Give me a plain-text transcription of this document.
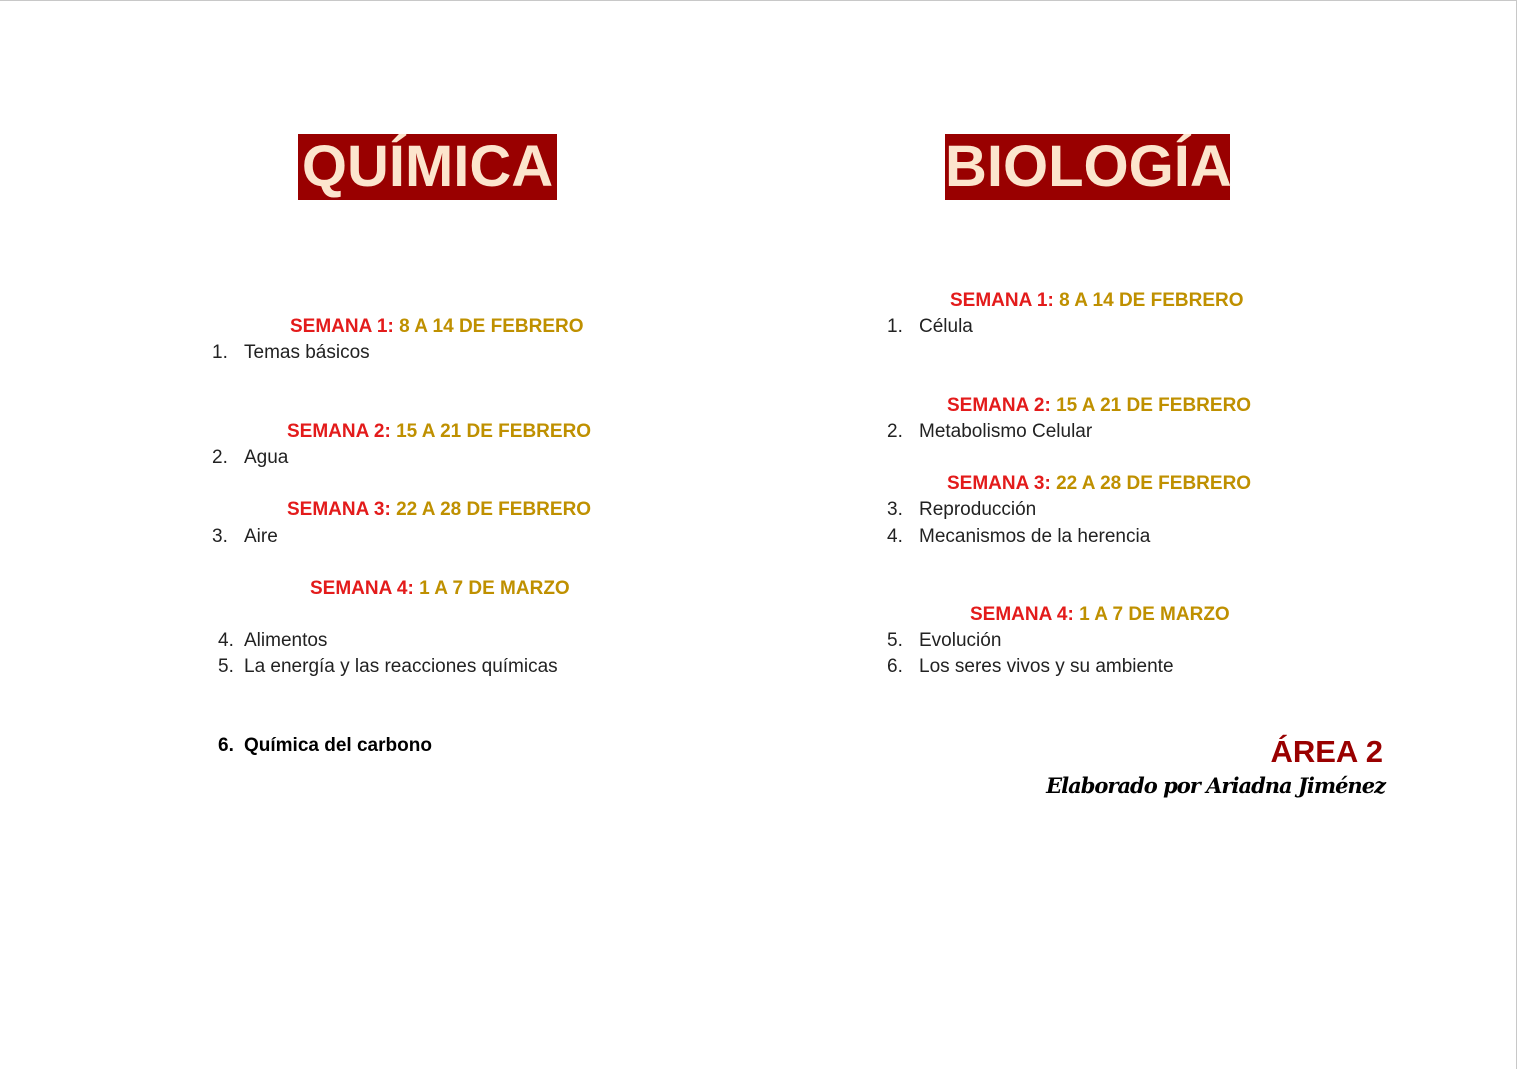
QUÍMICA
SEMANA 1: 8 A 14 DE FEBRERO
1. Temas básicos
SEMANA 2: 15 A 21 DE FEBRERO
2. Agua
SEMANA 3: 22 A 28 DE FEBRERO
3. Aire
SEMANA 4: 1 A 7 DE MARZO
4. Alimentos
5. La energía y las reacciones químicas
6. Química del carbono
BIOLOGÍA
SEMANA 1: 8 A 14 DE FEBRERO
1. Célula
SEMANA 2: 15 A 21 DE FEBRERO
2. Metabolismo Celular
SEMANA 3: 22 A 28 DE FEBRERO
3. Reproducción
4. Mecanismos de la herencia
SEMANA 4: 1 A 7 DE MARZO
5. Evolución
6. Los seres vivos y su ambiente
ÁREA 2
Elaborado por Ariadna Jiménez
